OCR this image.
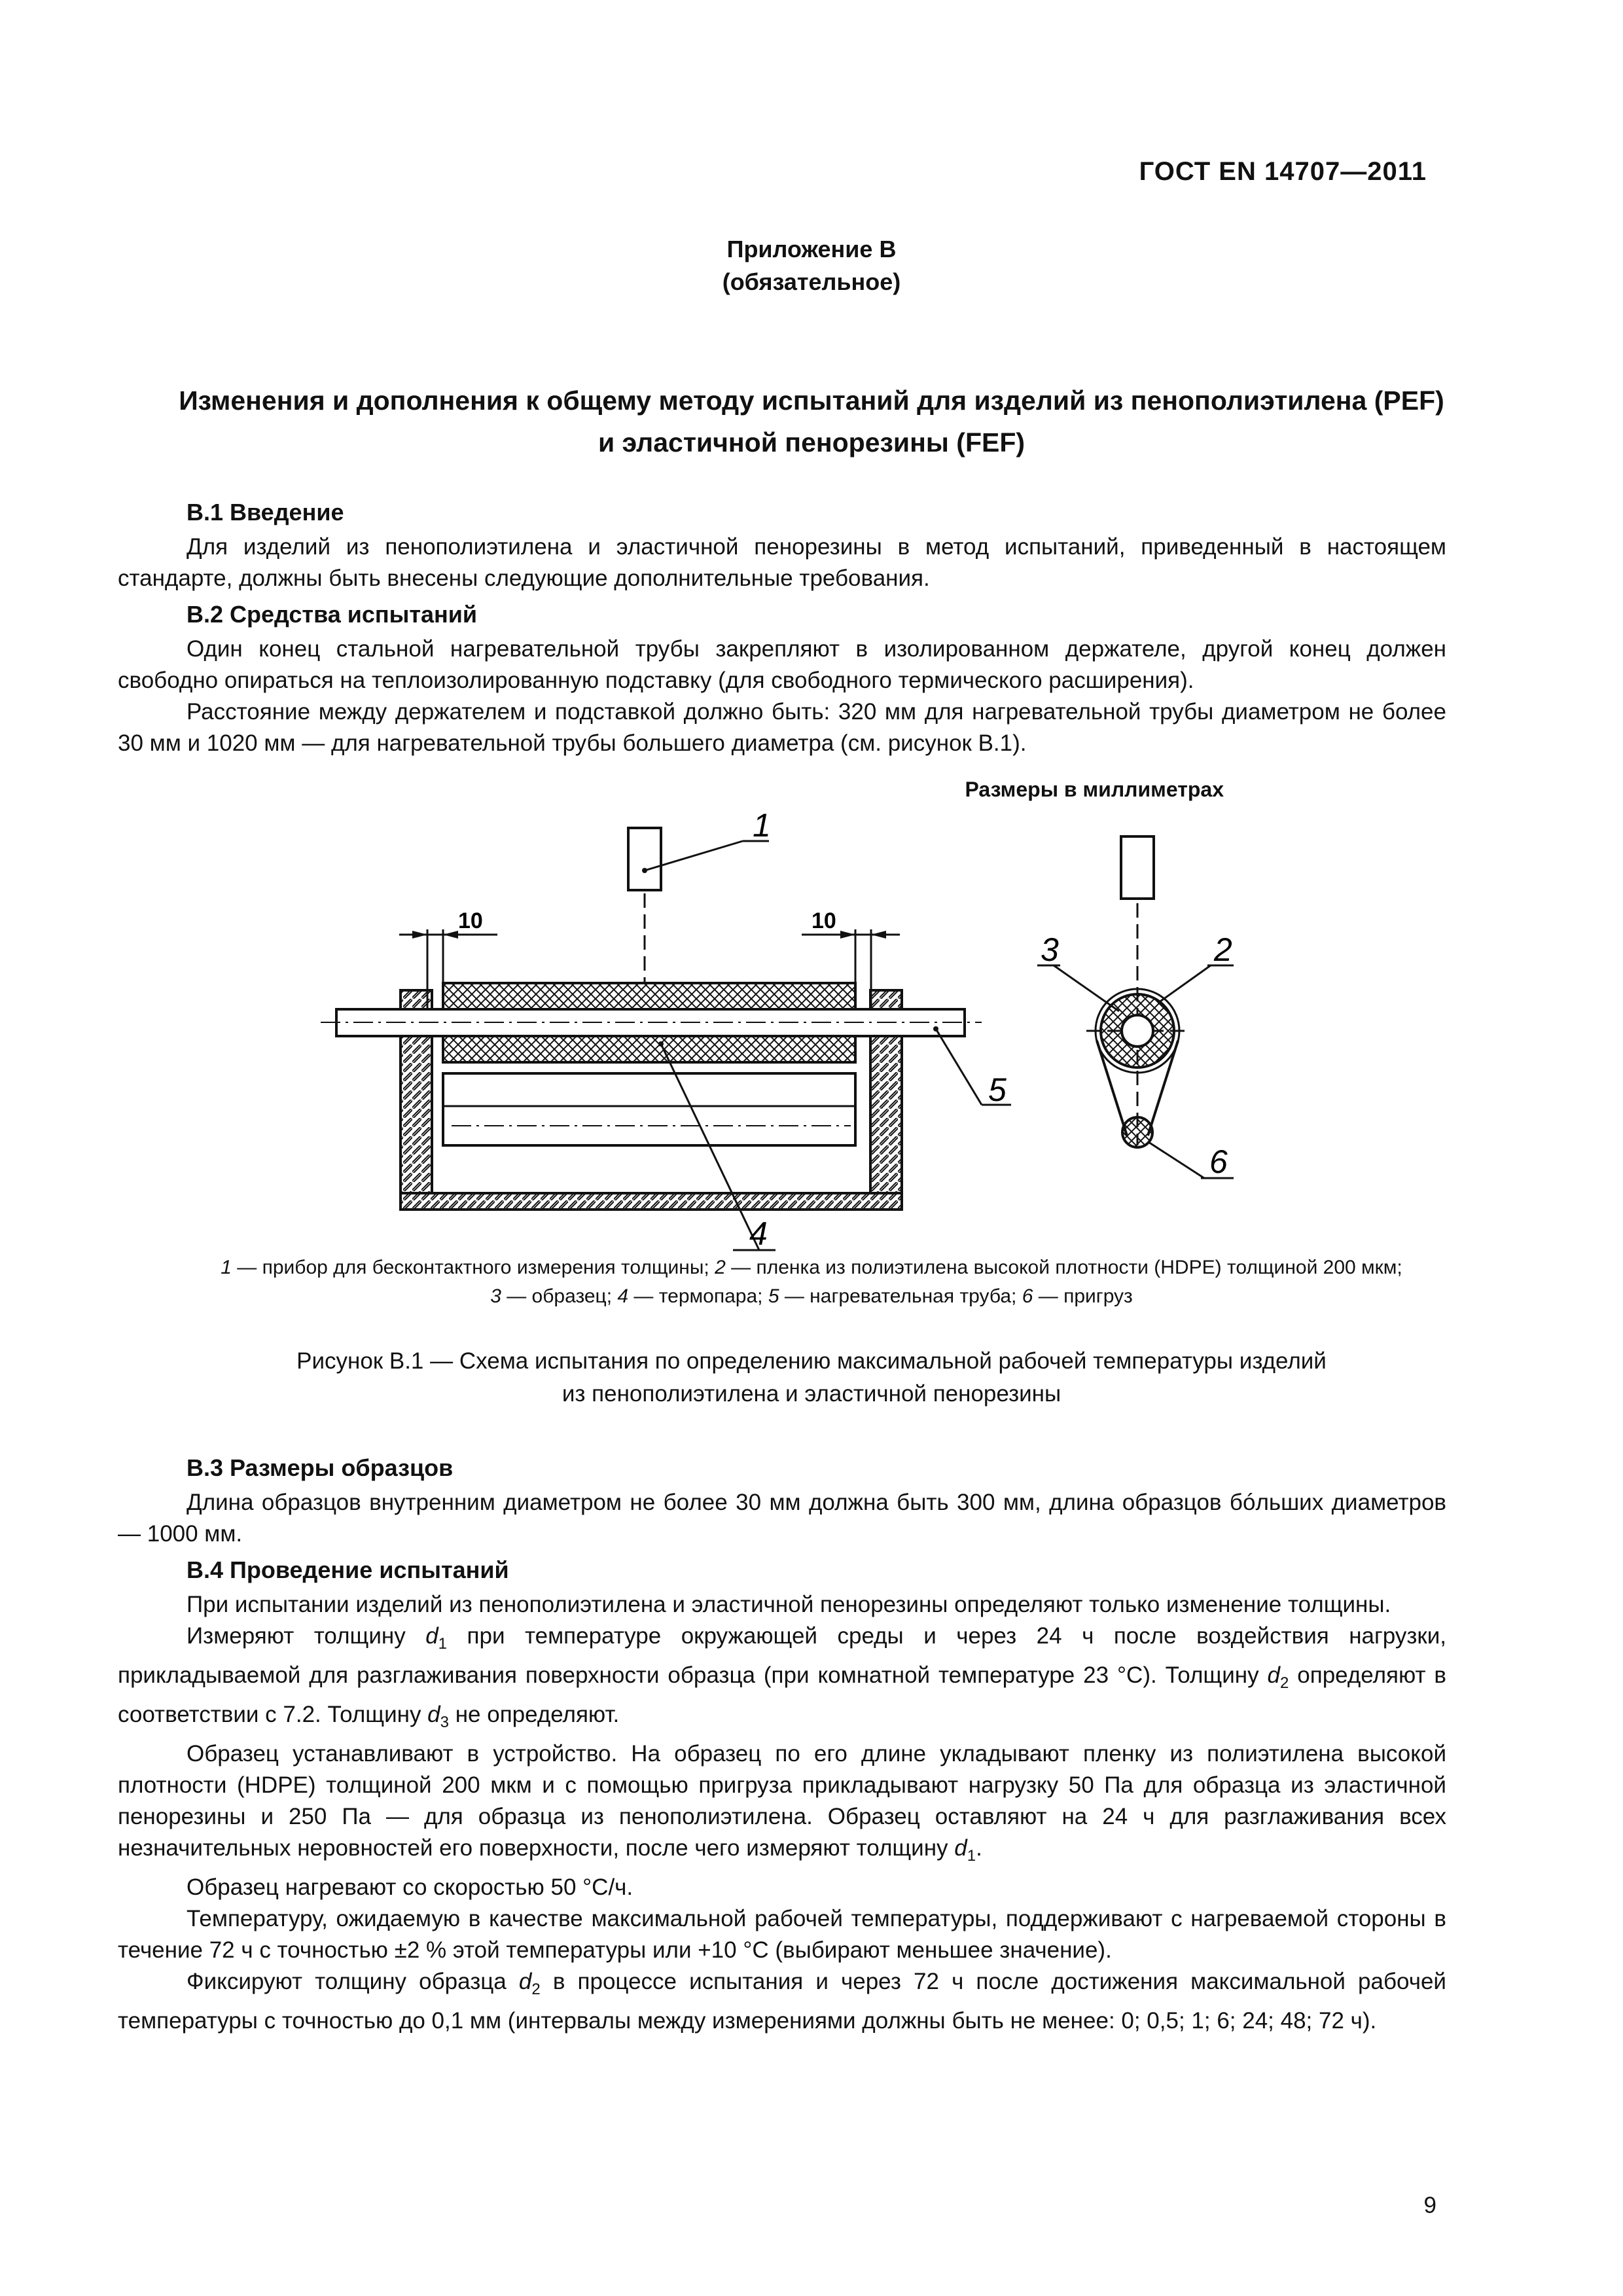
ГОСТ EN 14707—2011
Приложение В
(обязательное)
Изменения и дополнения к общему методу испытаний для изделий из пенополиэтилена (PEF)
и эластичной пенорезины (FEF)
В.1 Введение

Для изделий из пенополиэтилена и эластичной пенорезины в метод испытаний, приведенный в настоящем стандарте, должны быть внесены следующие дополнительные требования.

В.2 Средства испытаний

Один конец стальной нагревательной трубы закрепляют в изолированном держателе, другой конец должен свободно опираться на теплоизолированную подставку (для свободного термического расширения).

Расстояние между держателем и подставкой должно быть: 320 мм для нагревательной трубы диаметром не более 30 мм и 1020 мм — для нагревательной трубы большего диаметра (см. рисунок В.1).

Размеры в миллиметрах
1
10	10
5
4
3	2
6
1 — прибор для бесконтактного измерения толщины; 2 — пленка из полиэтилена высокой плотности (HDPE) толщиной 200 мкм;
3 — образец; 4 — термопара; 5 — нагревательная труба; 6 — пригруз
Рисунок В.1 — Схема испытания по определению максимальной рабочей температуры изделий
из пенополиэтилена и эластичной пенорезины
В.3 Размеры образцов

Длина образцов внутренним диаметром не более 30 мм должна быть 300 мм, длина образцов бóльших диаметров — 1000 мм.

В.4 Проведение испытаний

При испытании изделий из пенополиэтилена и эластичной пенорезины определяют только изменение толщины.

Измеряют толщину $d_1$ при температуре окружающей среды и через 24 ч после воздействия нагрузки, прикладываемой для разглаживания поверхности образца (при комнатной температуре 23 °C). Толщину $d_2$ определяют в соответствии с 7.2. Толщину $d_3$ не определяют.

Образец устанавливают в устройство. На образец по его длине укладывают пленку из полиэтилена высокой плотности (HDPE) толщиной 200 мкм и с помощью пригруза прикладывают нагрузку 50 Па для образца из эластичной пенорезины и 250 Па — для образца из пенополиэтилена. Образец оставляют на 24 ч для разглаживания всех незначительных неровностей его поверхности, после чего измеряют толщину $d_1$.

Образец нагревают со скоростью 50 °C/ч.

Температуру, ожидаемую в качестве максимальной рабочей температуры, поддерживают с нагреваемой стороны в течение 72 ч с точностью ±2 % этой температуры или +10 °C (выбирают меньшее значение).

Фиксируют толщину образца $d_2$ в процессе испытания и через 72 ч после достижения максимальной рабочей температуры с точностью до 0,1 мм (интервалы между измерениями должны быть не менее: 0; 0,5; 1; 6; 24; 48; 72 ч).

9
